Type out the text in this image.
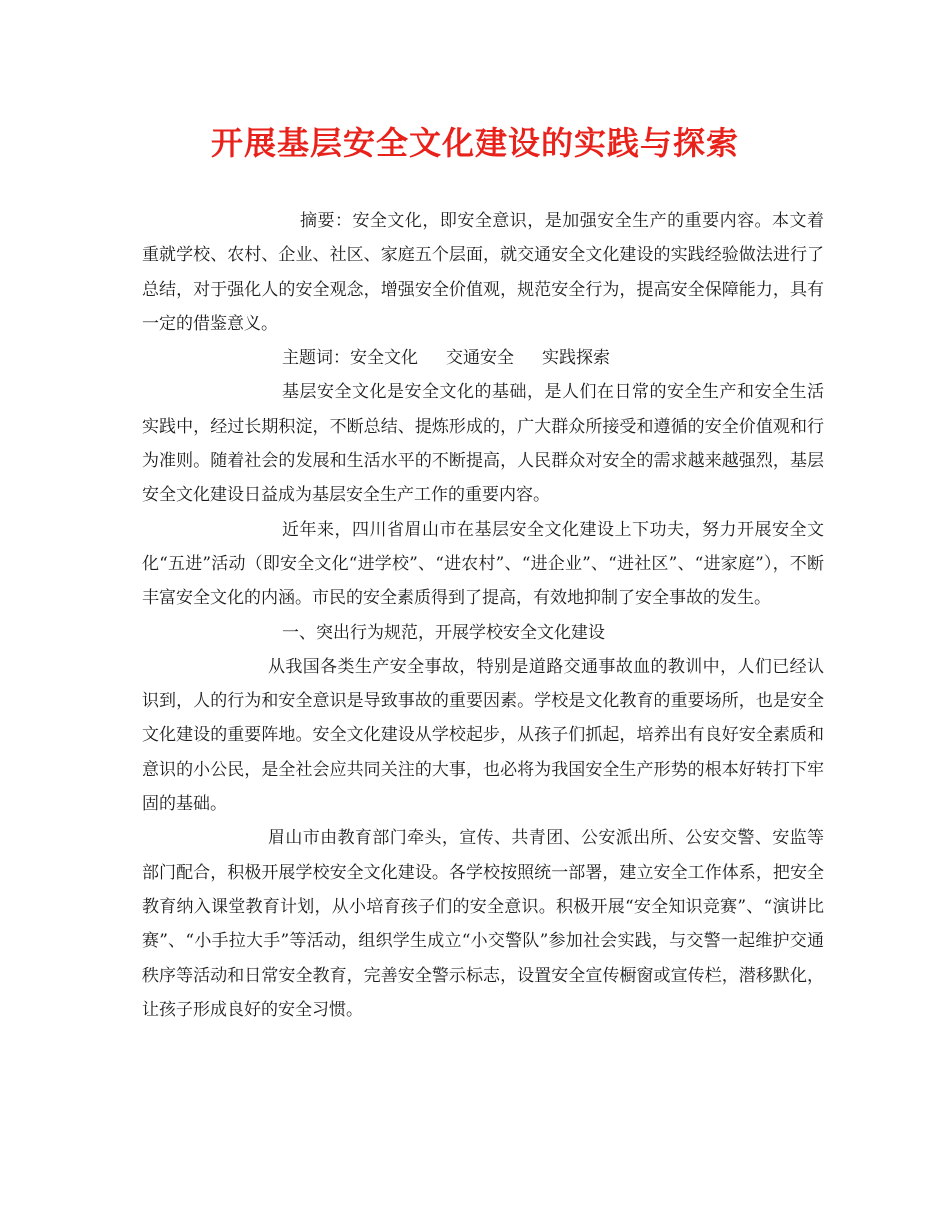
开展基层安全文化建设的实践与探索

摘要：安全文化，即安全意识，是加强安全生产的重要内容。本文着重就学校、农村、企业、社区、家庭五个层面，就交通安全文化建设的实践经验做法进行了总结，对于强化人的安全观念，增强安全价值观，规范安全行为，提高安全保障能力，具有一定的借鉴意义。

主题词：安全文化 交通安全 实践探索

基层安全文化是安全文化的基础，是人们在日常的安全生产和安全生活实践中，经过长期积淀，不断总结、提炼形成的，广大群众所接受和遵循的安全价值观和行为准则。随着社会的发展和生活水平的不断提高，人民群众对安全的需求越来越强烈，基层安全文化建设日益成为基层安全生产工作的重要内容。

近年来，四川省眉山市在基层安全文化建设上下功夫，努力开展安全文化“五进”活动（即安全文化“进学校”、“进农村”、“进企业”、“进社区”、“进家庭”），不断丰富安全文化的内涵。市民的安全素质得到了提高，有效地抑制了安全事故的发生。

一、突出行为规范，开展学校安全文化建设

从我国各类生产安全事故，特别是道路交通事故血的教训中，人们已经认识到，人的行为和安全意识是导致事故的重要因素。学校是文化教育的重要场所，也是安全文化建设的重要阵地。安全文化建设从学校起步，从孩子们抓起，培养出有良好安全素质和意识的小公民，是全社会应共同关注的大事，也必将为我国安全生产形势的根本好转打下牢固的基础。

眉山市由教育部门牵头，宣传、共青团、公安派出所、公安交警、安监等部门配合，积极开展学校安全文化建设。各学校按照统一部署，建立安全工作体系，把安全教育纳入课堂教育计划，从小培育孩子们的安全意识。积极开展“安全知识竞赛”、“演讲比赛”、“小手拉大手”等活动，组织学生成立“小交警队”参加社会实践，与交警一起维护交通秩序等活动和日常安全教育，完善安全警示标志，设置安全宣传橱窗或宣传栏，潜移默化，让孩子形成良好的安全习惯。
